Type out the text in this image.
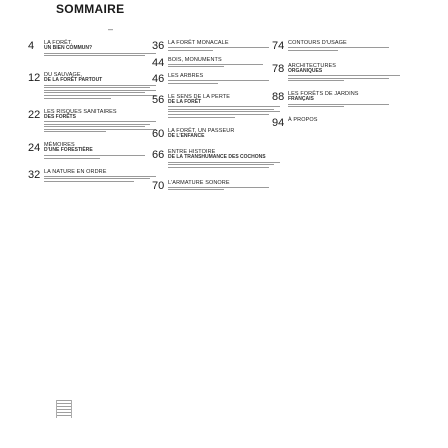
SOMMAIRE
–
4	LA FORÊT,
UN BIEN COMMUN?
12 DU SAUVAGE,
DE LA FORÊT PARTOUT
22 LES RISQUES SANITAIRES
DES FORÊTS
24 MÉMOIRES
D'UNE FORESTIÈRE
32 LA NATURE EN ORDRE
36 LA FORÊT MONACALE
44 BOIS, MONUMENTS
46 LES ARBRES
56 LE SENS DE LA PERTE
DE LA FORÊT
60 LA FORÊT, UN PASSEUR
DE L'ENFANCE
66 ENTRE HISTOIRE
DE LA TRANSHUMANCE DES COCHONS
70 L'ARMATURE SONORE
74 CONTOURS D'USAGE
78 ARCHITECTURES
ORGANIQUES
88 LES FORÊTS DE JARDINS
FRANÇAIS
94 À PROPOS
